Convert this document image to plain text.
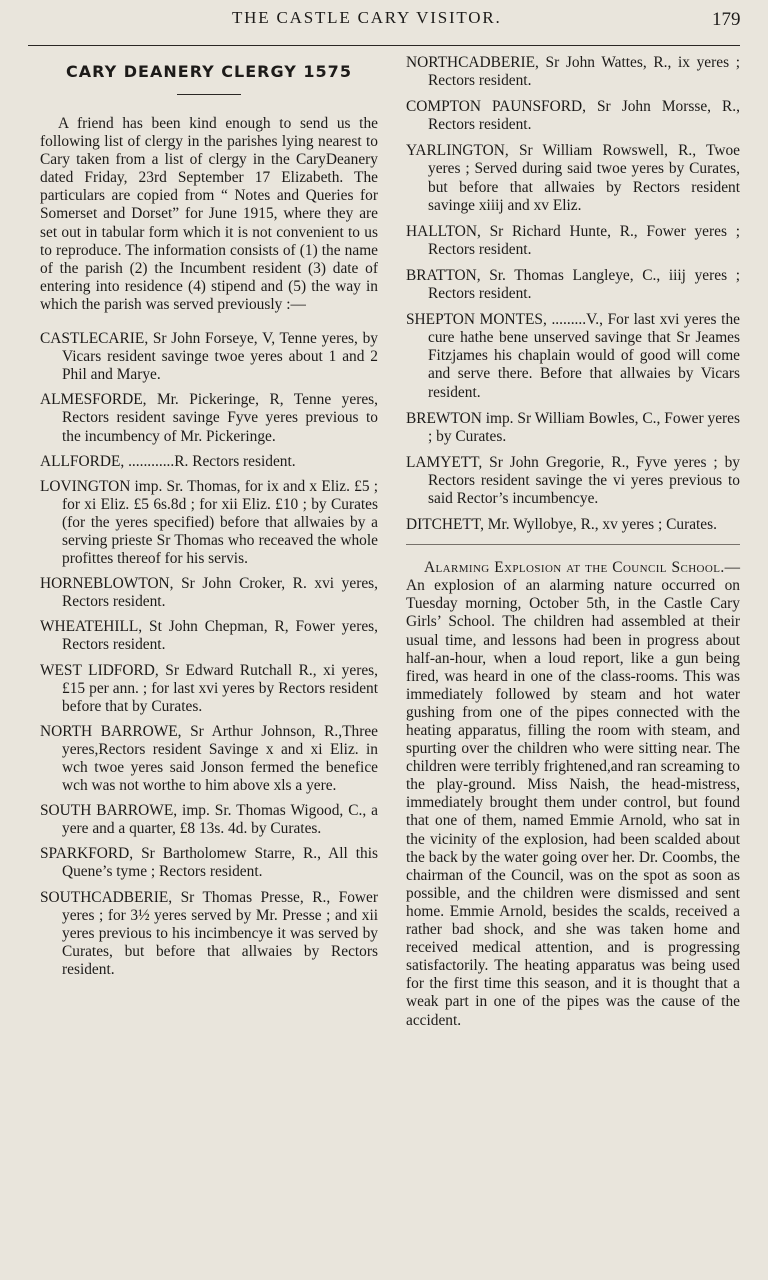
THE CASTLE CARY VISITOR.	179
CARY DEANERY CLERGY 1575

A friend has been kind enough to send us the following list of clergy in the parishes lying nearest to Cary taken from a list of clergy in the CaryDeanery dated Friday, 23rd September 17 Elizabeth. The particulars are copied from “ Notes and Queries for Somerset and Dorset” for June 1915, where they are set out in tabular form which it is not convenient to us to reproduce. The information consists of (1) the name of the parish (2) the Incumbent resident (3) date of entering into residence (4) stipend and (5) the way in which the parish was served previously :—

CASTLECARIE, Sr John Forseye, V, Tenne yeres, by Vicars resident savinge twoe yeres about 1 and 2 Phil and Marye.

ALMESFORDE, Mr. Pickeringe, R, Tenne yeres, Rectors resident savinge Fyve yeres previous to the incumbency of Mr. Pickeringe.

ALLFORDE, ............R. Rectors resident.

LOVINGTON imp. Sr. Thomas, for ix and x Eliz. £5 ; for xi Eliz. £5 6s.8d ; for xii Eliz. £10 ; by Curates (for the yeres specified) before that allwaies by a serving prieste Sr Thomas who receaved the whole profittes thereof for his servis.

HORNEBLOWTON, Sr John Croker, R. xvi yeres, Rectors resident.

WHEATEHILL, St John Chepman, R, Fower yeres, Rectors resident.

WEST LIDFORD, Sr Edward Rutchall R., xi yeres, £15 per ann. ; for last xvi yeres by Rectors resident before that by Curates.

NORTH BARROWE, Sr Arthur Johnson, R.,Three yeres,Rectors resident Savinge x and xi Eliz. in wch twoe yeres said Jonson fermed the benefice wch was not worthe to him above xls a yere.

SOUTH BARROWE, imp. Sr. Thomas Wigood, C., a yere and a quarter, £8 13s. 4d. by Curates.

SPARKFORD, Sr Bartholomew Starre, R., All this Quene’s tyme ; Rectors resident.

SOUTHCADBERIE, Sr Thomas Presse, R., Fower yeres ; for 3½ yeres served by Mr. Presse ; and xii yeres previous to his incimbencye it was served by Curates, but before that allwaies by Rectors resident.

NORTHCADBERIE, Sr John Wattes, R., ix yeres ; Rectors resident.

COMPTON PAUNSFORD, Sr John Morsse, R., Rectors resident.

YARLINGTON, Sr William Rowswell, R., Twoe yeres ; Served during said twoe yeres by Curates, but before that allwaies by Rectors resident savinge xiiij and xv Eliz.

HALLTON, Sr Richard Hunte, R., Fower yeres ; Rectors resident.

BRATTON, Sr. Thomas Langleye, C., iiij yeres ; Rectors resident.

SHEPTON MONTES, .........V., For last xvi yeres the cure hathe bene unserved savinge that Sr Jeames Fitzjames his chaplain would of good will come and serve there. Before that allwaies by Vicars resident.

BREWTON imp. Sr William Bowles, C., Fower yeres ; by Curates.

LAMYETT, Sr John Gregorie, R., Fyve yeres ; by Rectors resident savinge the vi yeres previous to said Rector’s incumbencye.

DITCHETT, Mr. Wyllobye, R., xv yeres ; Curates.

Alarming Explosion at the Council School.—An explosion of an alarming nature occurred on Tuesday morning, October 5th, in the Castle Cary Girls’ School. The children had assembled at their usual time, and lessons had been in progress about half-an-hour, when a loud report, like a gun being fired, was heard in one of the class-rooms. This was immediately followed by steam and hot water gushing from one of the pipes connected with the heating apparatus, filling the room with steam, and spurting over the children who were sitting near. The children were terribly frightened,and ran screaming to the play-ground. Miss Naish, the head-mistress, immediately brought them under control, but found that one of them, named Emmie Arnold, who sat in the vicinity of the explosion, had been scalded about the back by the water going over her. Dr. Coombs, the chairman of the Council, was on the spot as soon as possible, and the children were dismissed and sent home. Emmie Arnold, besides the scalds, received a rather bad shock, and she was taken home and received medical attention, and is progressing satisfactorily. The heating apparatus was being used for the first time this season, and it is thought that a weak part in one of the pipes was the cause of the accident.
